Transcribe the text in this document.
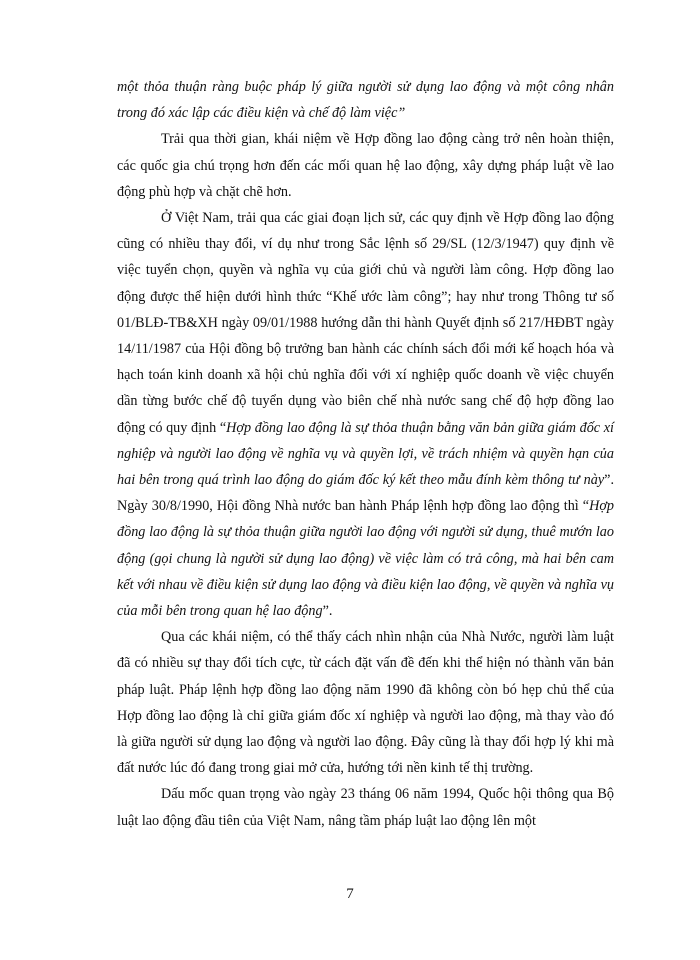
một thỏa thuận ràng buộc pháp lý giữa người sử dụng lao động và một công nhân trong đó xác lập các điều kiện và chế độ làm việc”

Trải qua thời gian, khái niệm về Hợp đồng lao động càng trở nên hoàn thiện, các quốc gia chú trọng hơn đến các mối quan hệ lao động, xây dựng pháp luật về lao động phù hợp và chặt chẽ hơn.

Ở Việt Nam, trải qua các giai đoạn lịch sử, các quy định về Hợp đồng lao động cũng có nhiều thay đổi, ví dụ như trong Sắc lệnh số 29/SL (12/3/1947) quy định về việc tuyển chọn, quyền và nghĩa vụ của giới chủ và người làm công. Hợp đồng lao động được thể hiện dưới hình thức “Khế ước làm công”; hay như trong Thông tư số 01/BLĐ-TB&XH ngày 09/01/1988 hướng dẫn thi hành Quyết định số 217/HĐBT ngày 14/11/1987 của Hội đồng bộ trưởng ban hành các chính sách đổi mới kế hoạch hóa và hạch toán kinh doanh xã hội chủ nghĩa đối với xí nghiệp quốc doanh về việc chuyển dần từng bước chế độ tuyển dụng vào biên chế nhà nước sang chế độ hợp đồng lao động có quy định “Hợp đồng lao động là sự thỏa thuận bằng văn bản giữa giám đốc xí nghiệp và người lao động về nghĩa vụ và quyền lợi, về trách nhiệm và quyền hạn của hai bên trong quá trình lao động do giám đốc ký kết theo mẫu đính kèm thông tư này”. Ngày 30/8/1990, Hội đồng Nhà nước ban hành Pháp lệnh hợp đồng lao động thì “Hợp đồng lao động là sự thỏa thuận giữa người lao động với người sử dụng, thuê mướn lao động (gọi chung là người sử dụng lao động) về việc làm có trả công, mà hai bên cam kết với nhau về điều kiện sử dụng lao động và điều kiện lao động, về quyền và nghĩa vụ của mỗi bên trong quan hệ lao động”.

Qua các khái niệm, có thể thấy cách nhìn nhận của Nhà Nước, người làm luật đã có nhiều sự thay đổi tích cực, từ cách đặt vấn đề đến khi thể hiện nó thành văn bản pháp luật. Pháp lệnh hợp đồng lao động năm 1990 đã không còn bó hẹp chủ thể của Hợp đồng lao động là chỉ giữa giám đốc xí nghiệp và người lao động, mà thay vào đó là giữa người sử dụng lao động và người lao động. Đây cũng là thay đổi hợp lý khi mà đất nước lúc đó đang trong giai mở cửa, hướng tới nền kinh tế thị trường.

Dấu mốc quan trọng vào ngày 23 tháng 06 năm 1994, Quốc hội thông qua Bộ luật lao động đầu tiên của Việt Nam, nâng tầm pháp luật lao động lên một

7
